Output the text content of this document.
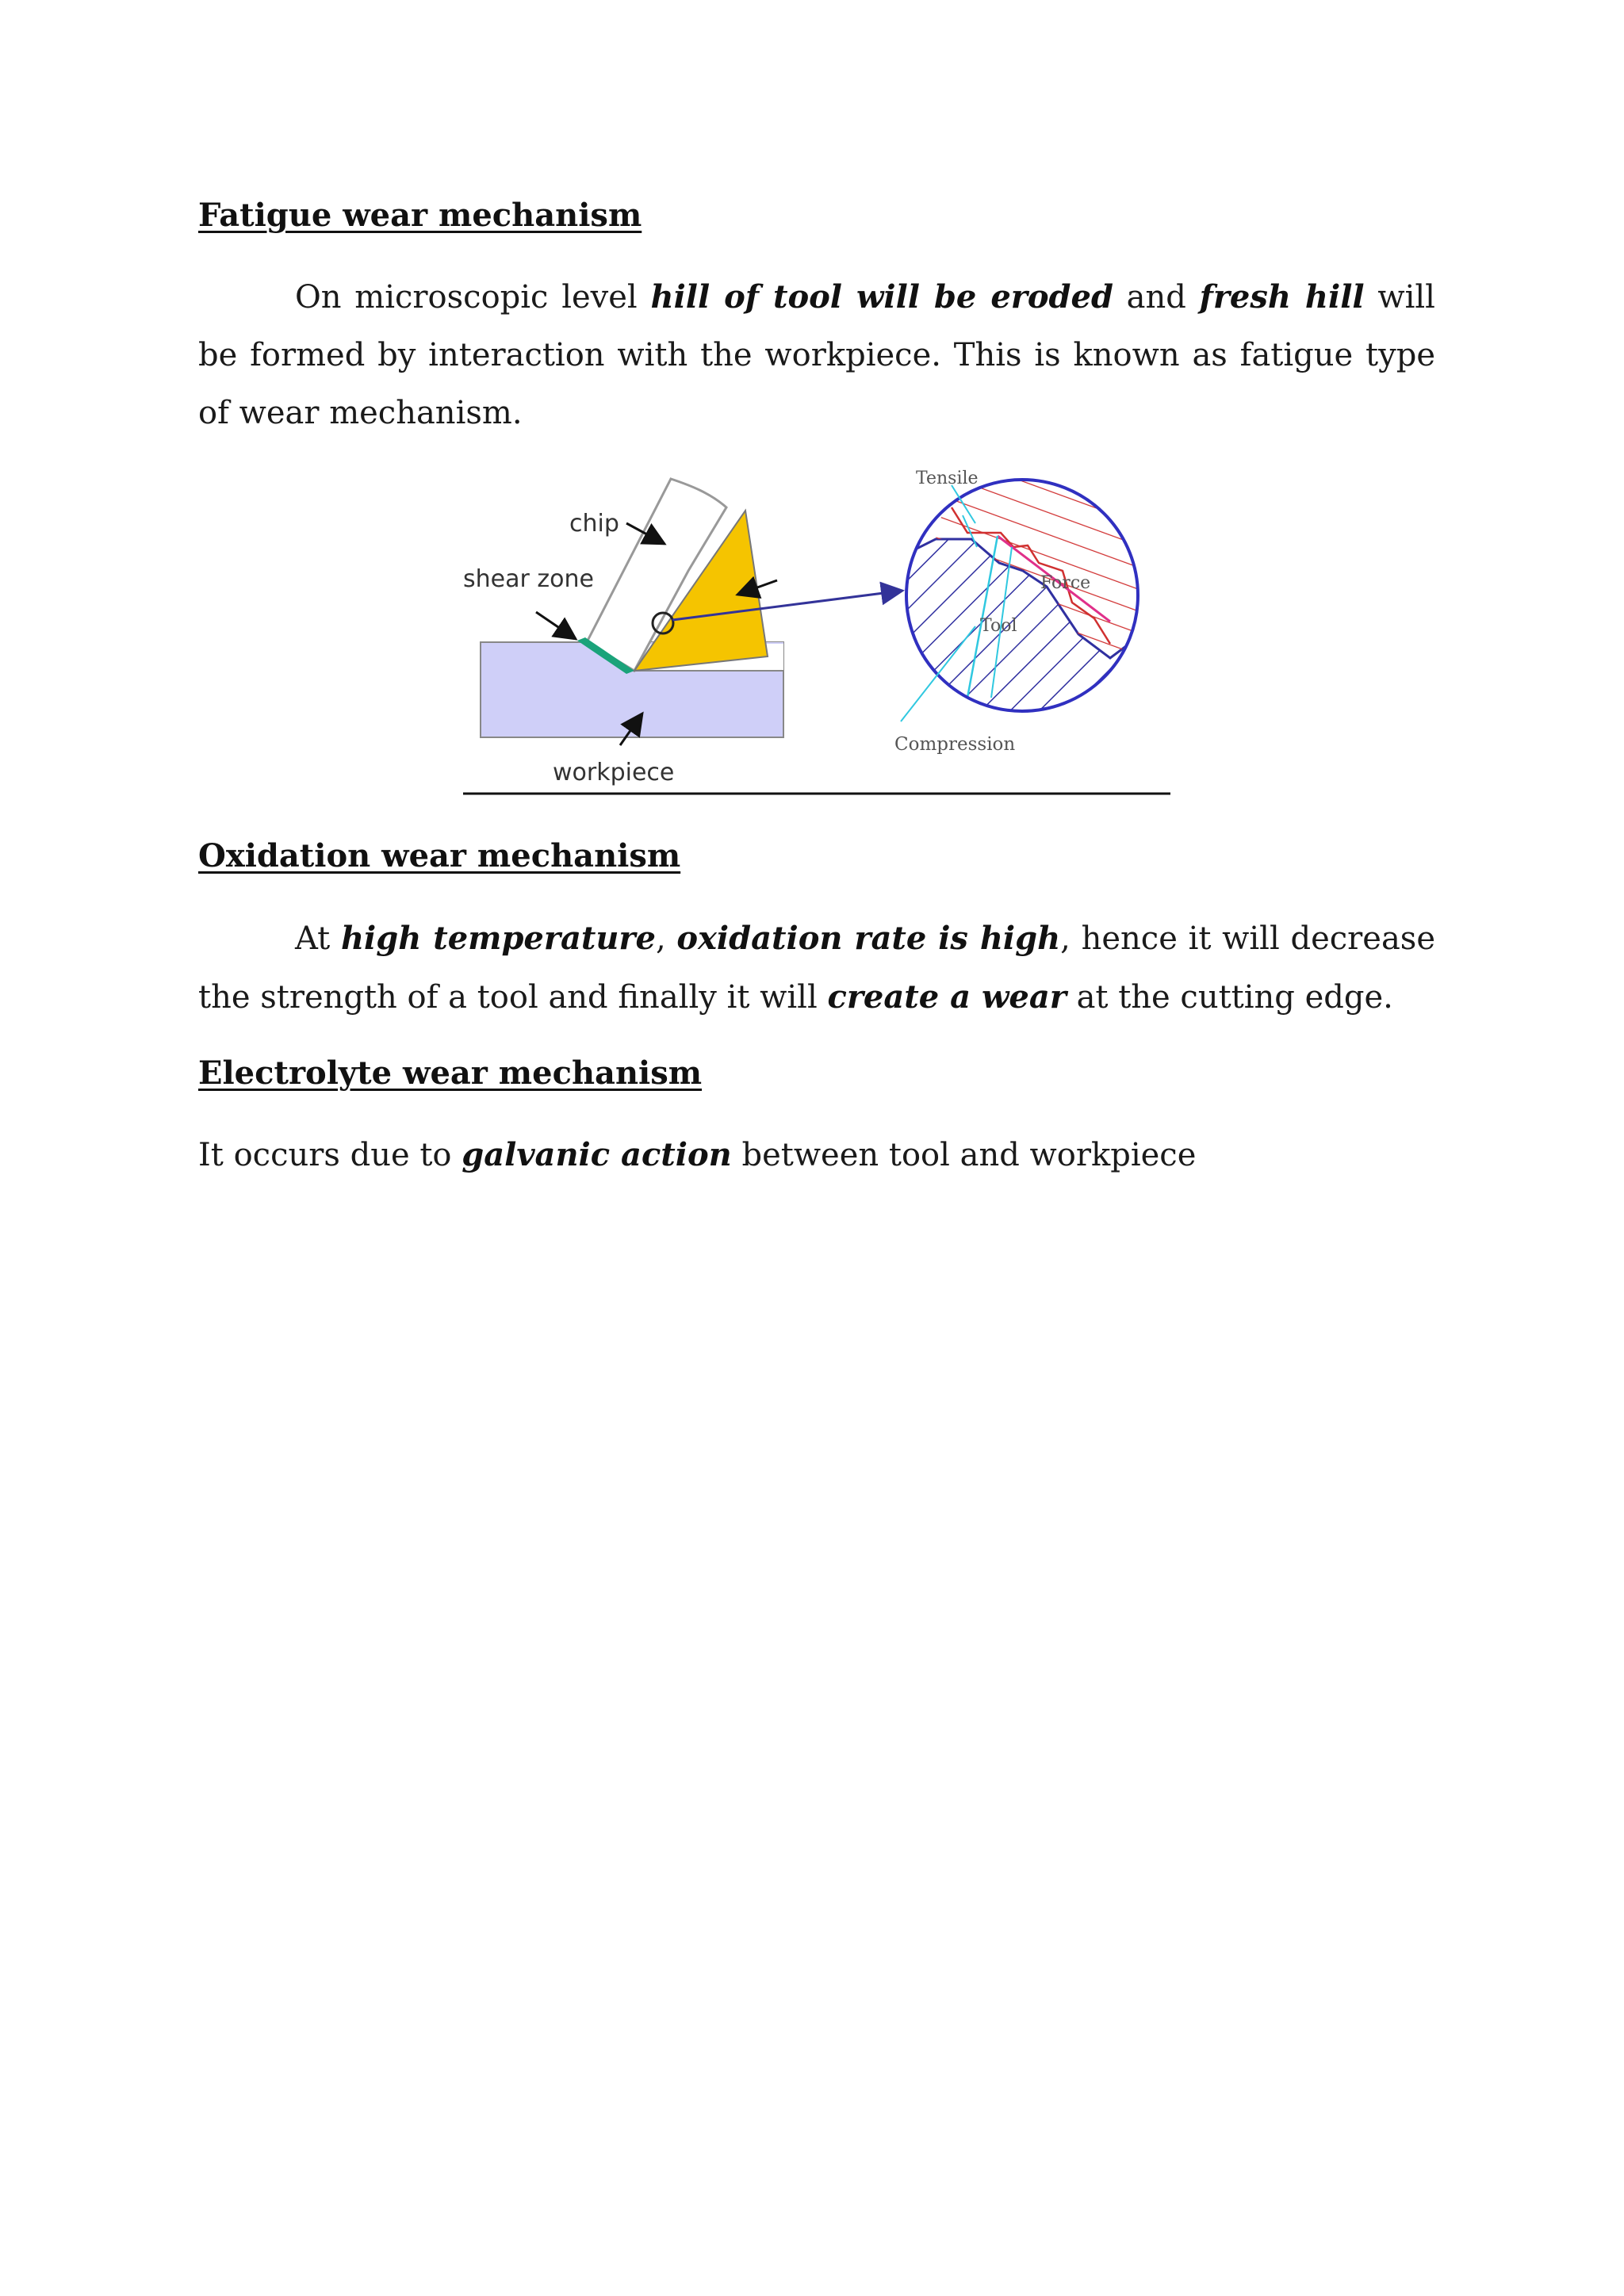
Fatigue wear mechanism

On microscopic level hill of tool will be eroded and fresh hill will be formed by interaction with the workpiece. This is known as fatigue type of wear mechanism.

chip
shear zone
workpiece
Tensile
Force
Tool
Compression
Oxidation wear mechanism

At high temperature, oxidation rate is high, hence it will decrease the strength of a tool and finally it will create a wear at the cutting edge.

Electrolyte wear mechanism

It occurs due to galvanic action between tool and workpiece
